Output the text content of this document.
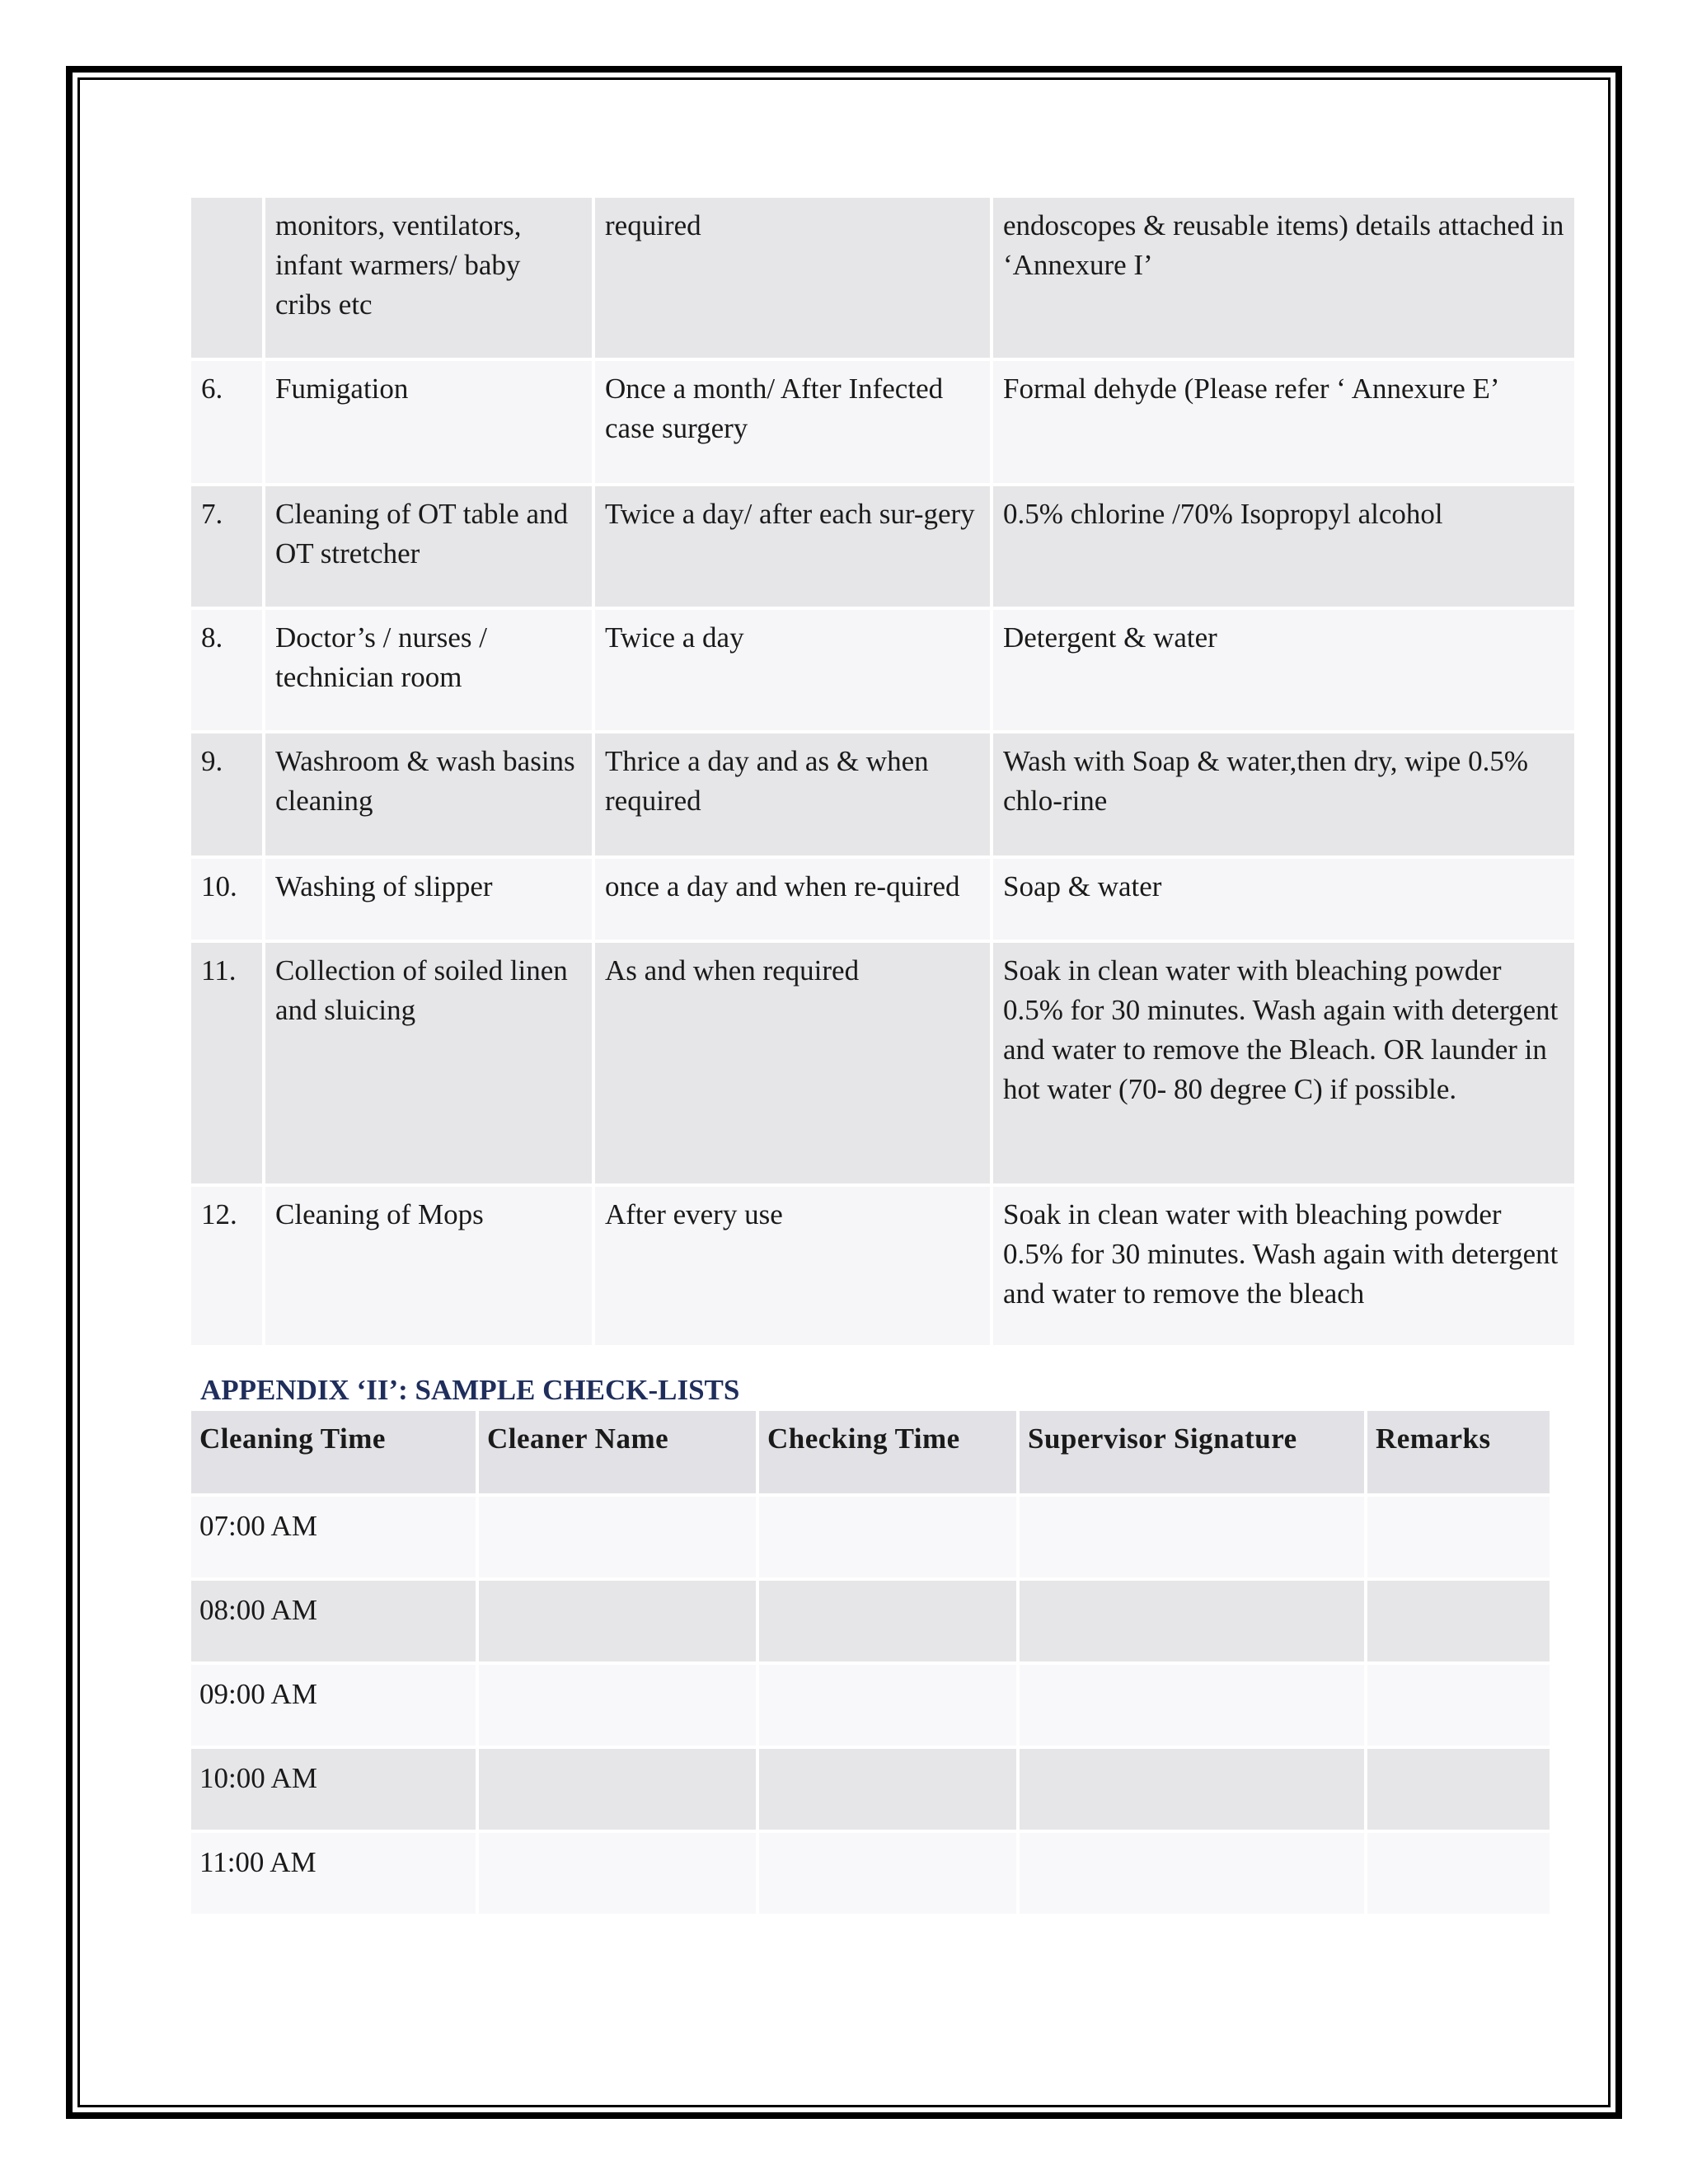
	monitors, ventilators, infant warmers/ baby cribs etc	required	endoscopes & reusable items) details attached in ‘Annexure I’
6.	Fumigation	Once a month/ After Infected case surgery	Formal dehyde (Please refer ‘ Annexure E’
7.	Cleaning of OT table and OT stretcher	Twice a day/ after each sur-gery	0.5% chlorine /70% Isopropyl alcohol
8.	Doctor’s / nurses / technician room	Twice a day	Detergent & water
9.	Washroom & wash basins cleaning	Thrice a day and as & when required	Wash with Soap & water,then dry, wipe 0.5% chlo-rine
10.	Washing of slipper	once a day and when re-quired	Soap & water
11.	Collection of soiled linen and sluicing	As and when required	Soak in clean water with bleaching powder 0.5% for 30 minutes. Wash again with detergent and water to remove the Bleach. OR launder in hot water (70- 80 degree C) if possible.
12.	Cleaning of Mops	After every use	Soak in clean water with bleaching powder 0.5% for 30 minutes. Wash again with detergent and water to remove the bleach
APPENDIX ‘II’: SAMPLE CHECK-LISTS
Cleaning Time	Cleaner Name	Checking Time	Supervisor Signature	Remarks
07:00 AM				
08:00 AM				
09:00 AM				
10:00 AM				
11:00 AM				
